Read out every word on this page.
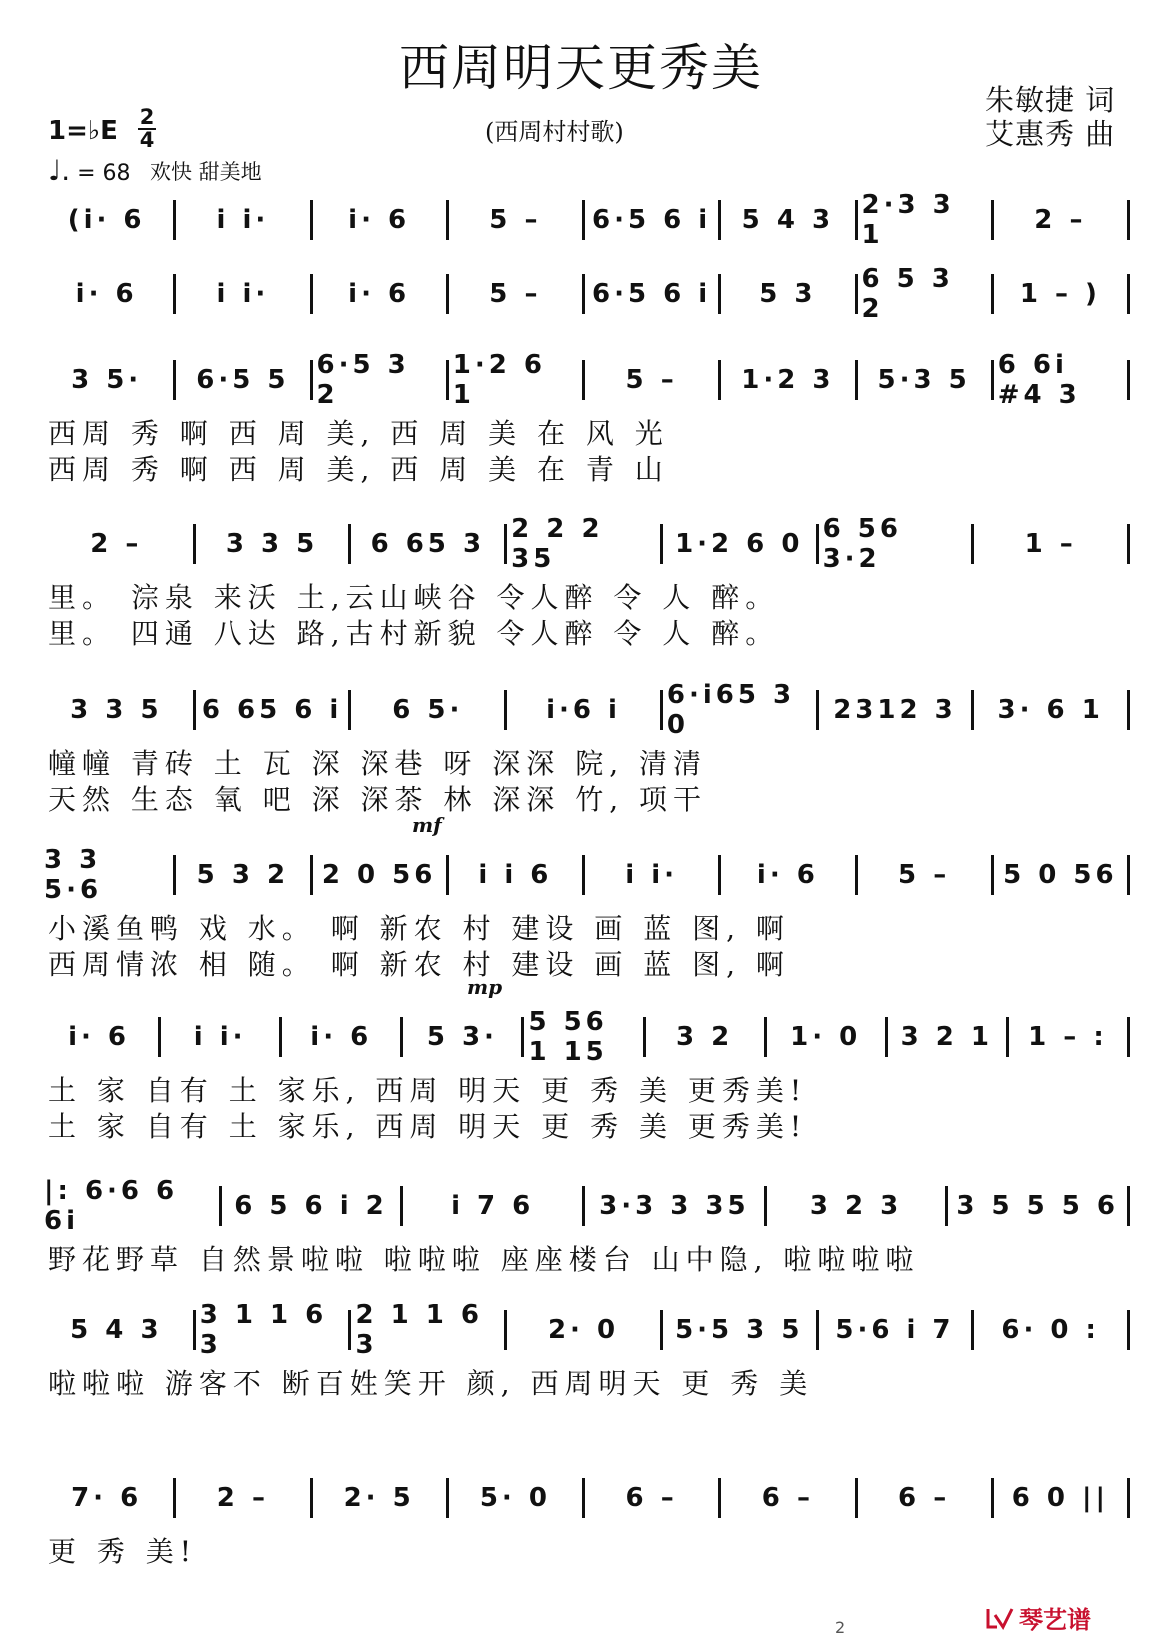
西周明天更秀美
(西周村村歌)
朱敏捷 词
艾惠秀 曲
1=♭E 2
4
♩. = 68 欢快 甜美地
(i· 6	i i·	i· 6	5 – 6·5 6 i 5 4 3 2·3 3 1	2 –
i· 6	i i·	i· 6	5 – 6·5 6 i 5 3 6 5 3 2	1 – )
3 5· 6·5 5 6·5 3 2
1·2 6 1	5 – 1·2 3 5·3 5 6 6i #4 3
西周 秀 啊 西 周 美, 西 周 美 在 风 光
西周 秀 啊 西 周 美, 西 周 美 在 青 山
2 –	3 3 5 6 65 3 2 2 2 35	1·2 6 0 6 56 3·2	1 –
里。 淙泉 来沃 土,云山峡谷 令人醉 令 人 醉。
里。 四通 八达 路,古村新貌 令人醉 令 人 醉。
3 3 5 6 65 6 i 6 5·	i·6 i 6·i65 3 0	2312 3 3· 6 1
幢幢 青砖 土 瓦 深 深巷 呀 深深 院, 清清
天然 生态 氧 吧 深 深茶 林 深深 竹, 项干
3 3 5·6	5 3 2 2 0 56 i i 6	i i·	i· 6	5 – 5 0 56
mf
小溪鱼鸭 戏 水。 啊 新农 村 建设 画 蓝 图, 啊
西周情浓 相 随。 啊 新农 村 建设 画 蓝 图, 啊
i· 6 i i· i· 6 5 3· 5 56 1 15	3 2 1· 0 3 2 1 1 – :
mp
土 家 自有 土 家乐, 西周 明天 更 秀 美 更秀美!
土 家 自有 土 家乐, 西周 明天 更 秀 美 更秀美!
|: 6·6 6 6i	6 5 6 i 2 i 7 6 3·3 3 35 3 2 3 3 5 5 5 6
野花野草 自然景啦啦 啦啦啦 座座楼台 山中隐, 啦啦啦啦
5 4 3 3 1 1 6 3
2 1 1 6 3	2· 0 5·5 3 5 5·6 i 7 6· 0 :
啦啦啦 游客不 断百姓笑开 颜, 西周明天 更 秀 美
7· 6	2 –	2· 5	5· 0	6 –	6 –	6 – 6 0 ||
更 秀 美!
2	琴艺谱
